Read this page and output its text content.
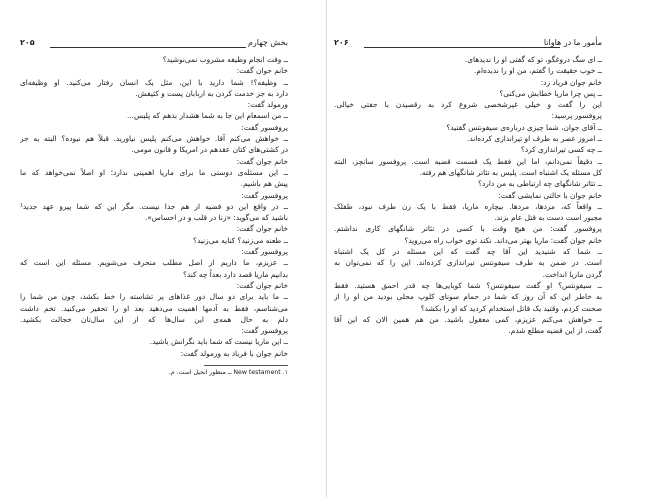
بخش چهارم
۲۰۵
ــ وقت انجام وظیفه مشروب نمی‌نوشید؟
خانم جوان گفت:
ــ وظیفه؟! شما دارید با این، مثل یک انسان رفتار می‌کنید. او وظیفه‌ای
دارد به جز خدمت کردن به اربابان پست و کثیفش.
ورمولد گفت:
ــ من اسمعام این جا به شما هشدار بدهم که پلیس...
پروفسور گفت:
ــ خواهش می‌کنم آقا. خواهش می‌کنم پلیس نیاورید. قبلاً هم نبوده؟ البته به جز
در کشتی‌های کتان عقدهم در امریکا و قانون مومی.
خانم جوان گفت:
ــ این مسئله‌ی دوستی ما برای ماریا اهمیتی ندارد؛ او اصلاً نمی‌خواهد که ما
پیش هم باشیم.
پروفسور گفت:
ــ در واقع این دو قضیه از هم جدا نیست. مگر این که شما پیرو عهد جدید¹
باشید که می‌گوید: «زنا در قلب و در احساس».
خانم جوان گفت:
ــ طعنه می‌زنید؟ کنایه می‌زنید؟
پروفسور گفت:
ــ عزیزم، ما داریم از اصل مطلب منحرف می‌شویم. مسئله این است که
بدانیم ماریا قصد دارد بعداً چه کند؟
خانم جوان گفت:
ــ ما باید برای دو سال دور غذاهای پر تشاسته را خط بکشد، چون من شما را
می‌شناسم، فقط به آدمها اهمیت می‌دهید بعد او را تحقیر می‌کنید. تخم داشت
دلم به حال همه‌ی این سال‌ها که از این سال‌تان خجالت بکشید.
پروفسور گفت:
ــ این ماریا نیست که شما باید نگرانش باشید.
خانم جوان با فریاد به ورمولد گفت:
۱. New testament ــ منظور انجیل است. م.
مأمور ما در هاوانا
۲۰۶
ــ ای سگ دروغگو، تو که گفتی او را ندیدهای.
ــ خوب حقیقت را گفتم، من او را ندیده‌ام.
خانم جوان فریاد زد:
ــ پس چرا ماریا خطابش می‌کنی؟
این را گفت و خیلی غیرشخصی شروع کرد به رقصیدن با جفتی خیالی.
پروفسور پرسید:
ــ آقای جوان، شما چیزی درباره‌ی سیفونتس گفتید؟
ــ امروز عصر به طرف او تیراندازی کرده‌اند.
ــ چه کسی تیراندازی کرد؟
ــ دقیقاً نمی‌دانم، اما این فقط یک قسمت قضیه است. پروفسور سانچز، البته
کل مسئله یک اشتباه است. پلیس به تئاتر شانگهای هم رفته.
ــ تئاتر شانگهای چه ارتباطی به من دارد؟
خانم جوان با حالتی نمایشی گفت:
ــ واقعاً که، مردها، مردها. بیچاره ماریا، فقط با یک زن طرف نبود، طفلک
مجبور است دست به قتل عام بزند.
پروفسور گفت: من هیچ وقت با کسی در تئاتر شانگهای کاری نداشتم.
خانم جوان گفت: ماریا بهتر می‌داند. نکند توی خواب راه می‌روید؟
ــ شما که شنیدید این آقا چه گفت که این مسئله در کل یک اشتباه
است. در ضمن به طرف سیفونتس تیراندازی کرده‌اند. این را که نمی‌توان به
گردن ماریا انداخت.
ــ سیفونتس؟ او گفت سیفونتس؟ شما کوبایی‌ها چه قدر احمق هستید. فقط
به خاطر این که آن روز که شما در حمام سونای کلوپ محلی بودید من او را از
صحنت کردم، وقتید یک قاتل استخدام کردید که او را بکشد؟
ــ خواهش می‌کنم عزیزم، کمی معقول باشید. من هم همین الان که این آقا
گفت، از این قضیه مطلع شدم.
